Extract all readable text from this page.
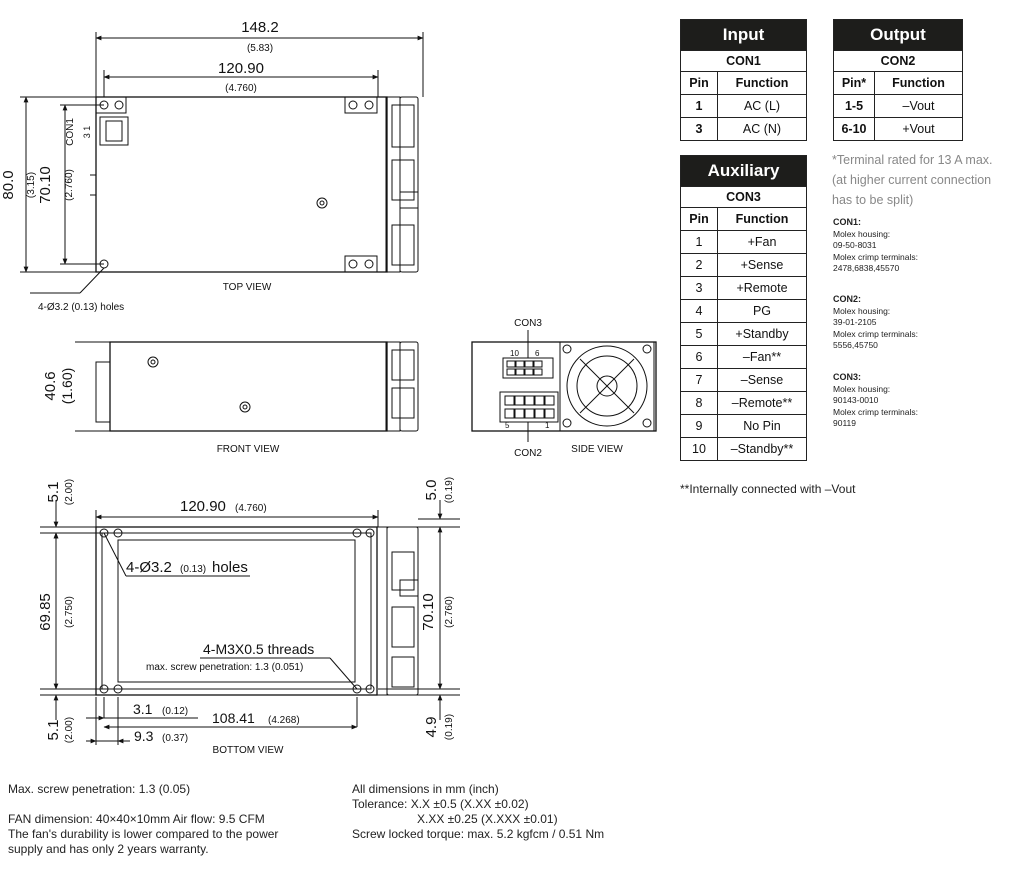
148.2
(5.83)
120.90
(4.760)
80.0 (3.15) 70.10 (2.760)
CON1 3 1
TOP VIEW
4-Ø3.2 (0.13) holes
40.6 (1.60)
FRONT VIEW
CON3
10 6
5	1
CON2	SIDE VIEW
5.1 (2.00)
120.90 (4.760)
5.0 (0.19)
4-Ø3.2 (0.13) holes
69.85 (2.750)	70.10 (2.760)
4-M3X0.5 threads
max. screw penetration: 1.3 (0.051)
3.1 (0.12) 108.41 (4.268)
9.3 (0.37)
BOTTOM VIEW
5.1 (2.00)	4.9 (0.19)
Input	
CON1	
Pin	Function
1	AC (L)
3	AC (N)
Output	
CON2	
Pin*	Function
1-5	–Vout
6-10	+Vout
*Terminal rated for 13 A max.
(at higher current connection
has to be split)
Auxiliary	
CON3	
Pin	Function
1	+Fan
2	+Sense
3	+Remote
4	PG
5	+Standby
6	–Fan**
7	–Sense
8	–Remote**
9	No Pin
10	–Standby**
CON1:
Molex housing:
09-50-8031
Molex crimp terminals:
2478,6838,45570
CON2:
Molex housing:
39-01-2105
Molex crimp terminals:
5556,45750
CON3:
Molex housing:
90143-0010
Molex crimp terminals:
90119
**Internally connected with –Vout
Max. screw penetration: 1.3 (0.05)
FAN dimension: 40×40×10mm Air flow: 9.5 CFM
The fan's durability is lower compared to the power
supply and has only 2 years warranty.
All dimensions in mm (inch)
Tolerance: X.X ±0.5 (X.XX ±0.02)
X.XX ±0.25 (X.XXX ±0.01)
Screw locked torque: max. 5.2 kgfcm / 0.51 Nm
